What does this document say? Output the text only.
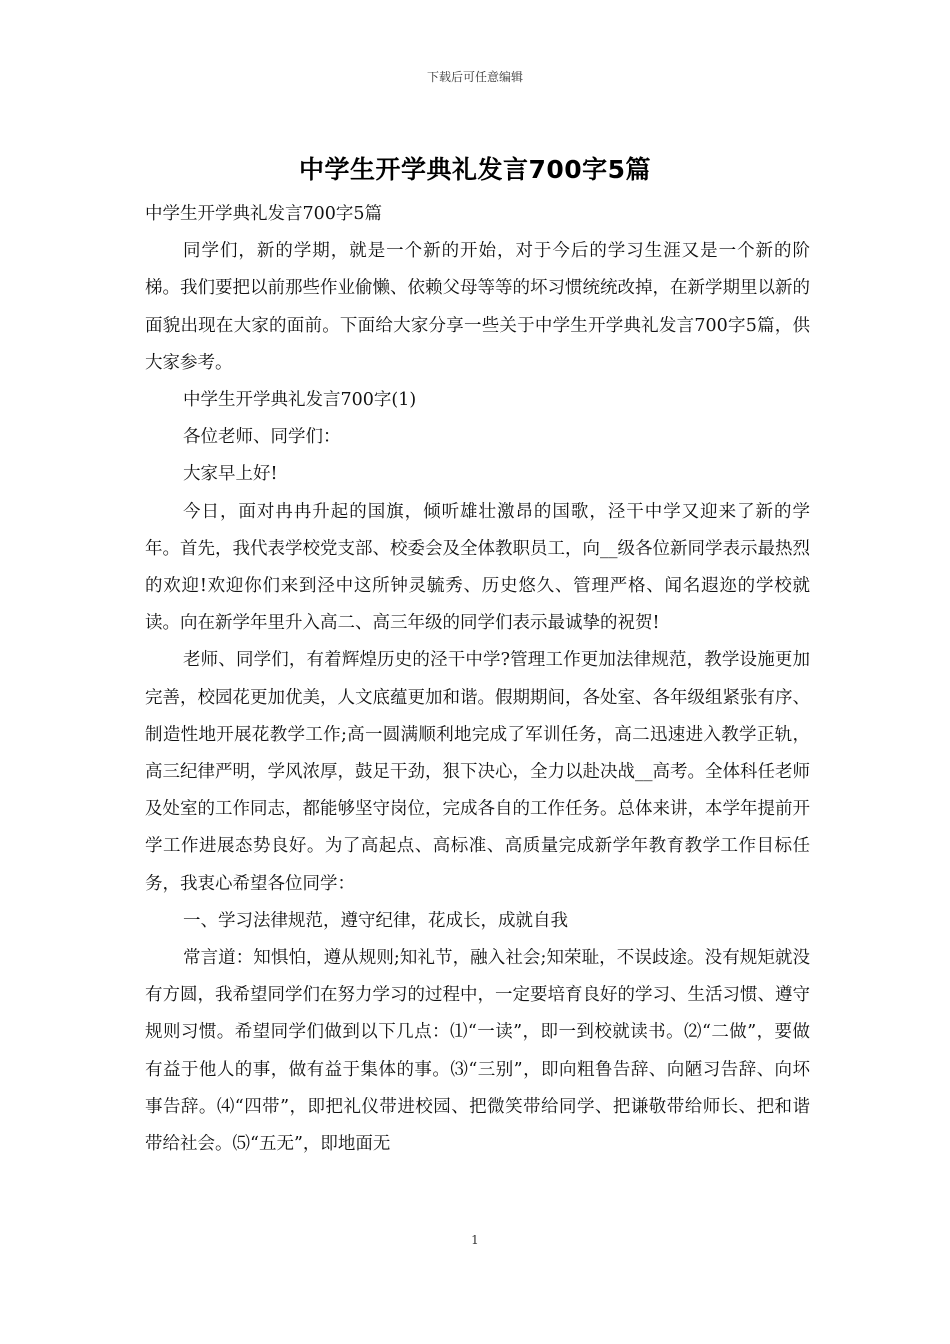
下载后可任意编辑
中学生开学典礼发言700字5篇

中学生开学典礼发言700字5篇

同学们，新的学期，就是一个新的开始，对于今后的学习生涯又是一个新的阶梯。我们要把以前那些作业偷懒、依赖父母等等的坏习惯统统改掉，在新学期里以新的面貌出现在大家的面前。下面给大家分享一些关于中学生开学典礼发言700字5篇，供大家参考。

中学生开学典礼发言700字(1)

各位老师、同学们：

大家早上好!

今日，面对冉冉升起的国旗，倾听雄壮激昂的国歌，泾干中学又迎来了新的学年。首先，我代表学校党支部、校委会及全体教职员工，向__级各位新同学表示最热烈的欢迎!欢迎你们来到泾中这所钟灵毓秀、历史悠久、管理严格、闻名遐迩的学校就读。向在新学年里升入高二、高三年级的同学们表示最诚挚的祝贺!

老师、同学们，有着辉煌历史的泾干中学?管理工作更加法律规范，教学设施更加完善，校园花更加优美，人文底蕴更加和谐。假期期间，各处室、各年级组紧张有序、制造性地开展花教学工作;高一圆满顺利地完成了军训任务，高二迅速进入教学正轨，高三纪律严明，学风浓厚，鼓足干劲，狠下决心，全力以赴决战__高考。全体科任老师及处室的工作同志，都能够坚守岗位，完成各自的工作任务。总体来讲，本学年提前开学工作进展态势良好。为了高起点、高标准、高质量完成新学年教育教学工作目标任务，我衷心希望各位同学：

一、学习法律规范，遵守纪律，花成长，成就自我

常言道：知惧怕，遵从规则;知礼节，融入社会;知荣耻，不误歧途。没有规矩就没有方圆，我希望同学们在努力学习的过程中，一定要培育良好的学习、生活习惯、遵守规则习惯。希望同学们做到以下几点：⑴“一读”，即一到校就读书。⑵“二做”，要做有益于他人的事，做有益于集体的事。⑶“三别”，即向粗鲁告辞、向陋习告辞、向坏事告辞。⑷“四带”，即把礼仪带进校园、把微笑带给同学、把谦敬带给师长、把和谐带给社会。⑸“五无”，即地面无

1
